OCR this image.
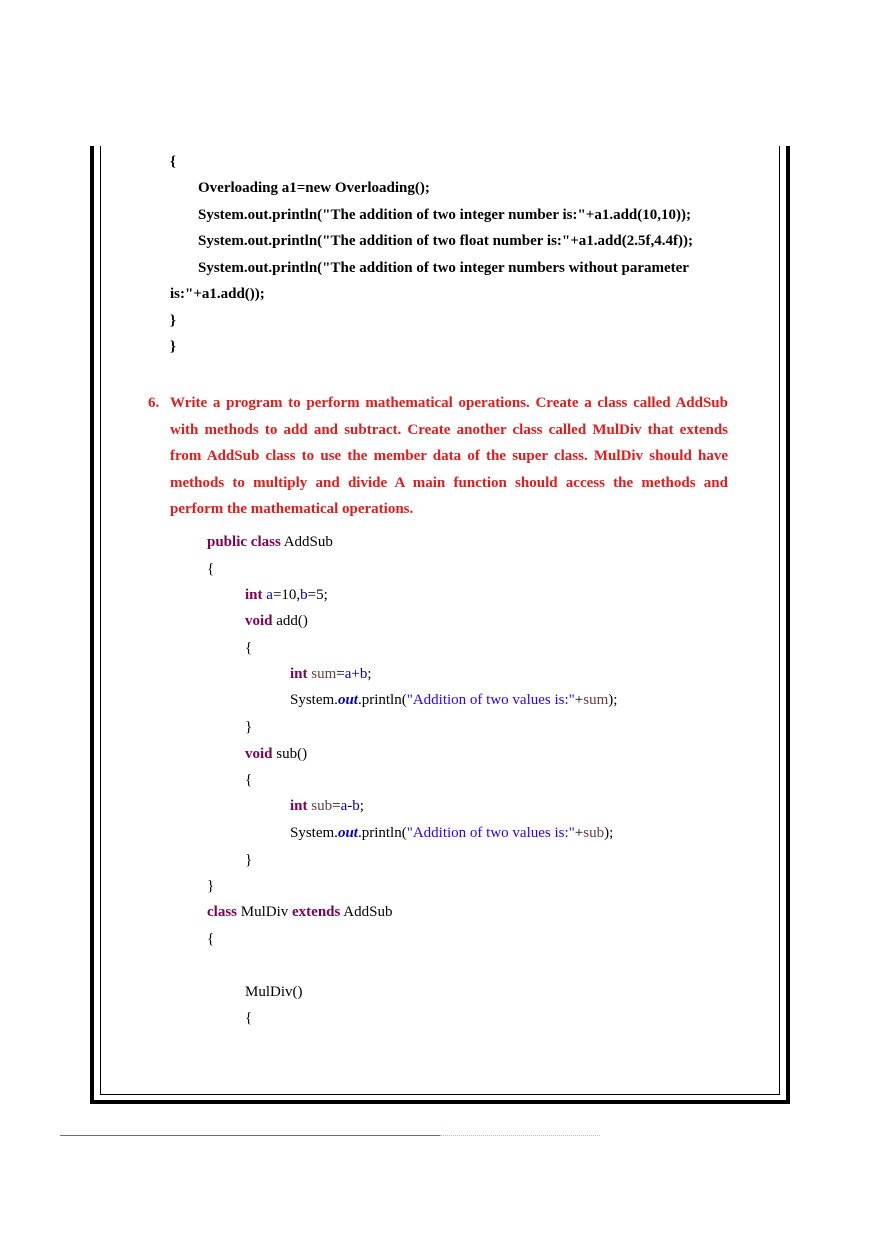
{
Overloading a1=new Overloading();
System.out.println("The addition of two integer number is:"+a1.add(10,10));
System.out.println("The addition of two float number is:"+a1.add(2.5f,4.4f));
System.out.println("The addition of two integer numbers without parameter
is:"+a1.add());
}
}
6. Write a program to perform mathematical operations. Create a class called AddSub with methods to add and subtract. Create another class called MulDiv that extends from AddSub class to use the member data of the super class. MulDiv should have methods to multiply and divide A main function should access the methods and perform the mathematical operations.
public class AddSub
{
int a=10,b=5;
void add()
{
int sum=a+b;
System.out.println("Addition of two values is:"+sum);
}
void sub()
{
int sub=a-b;
System.out.println("Addition of two values is:"+sub);
}
}
class MulDiv extends AddSub
{
MulDiv()
{
